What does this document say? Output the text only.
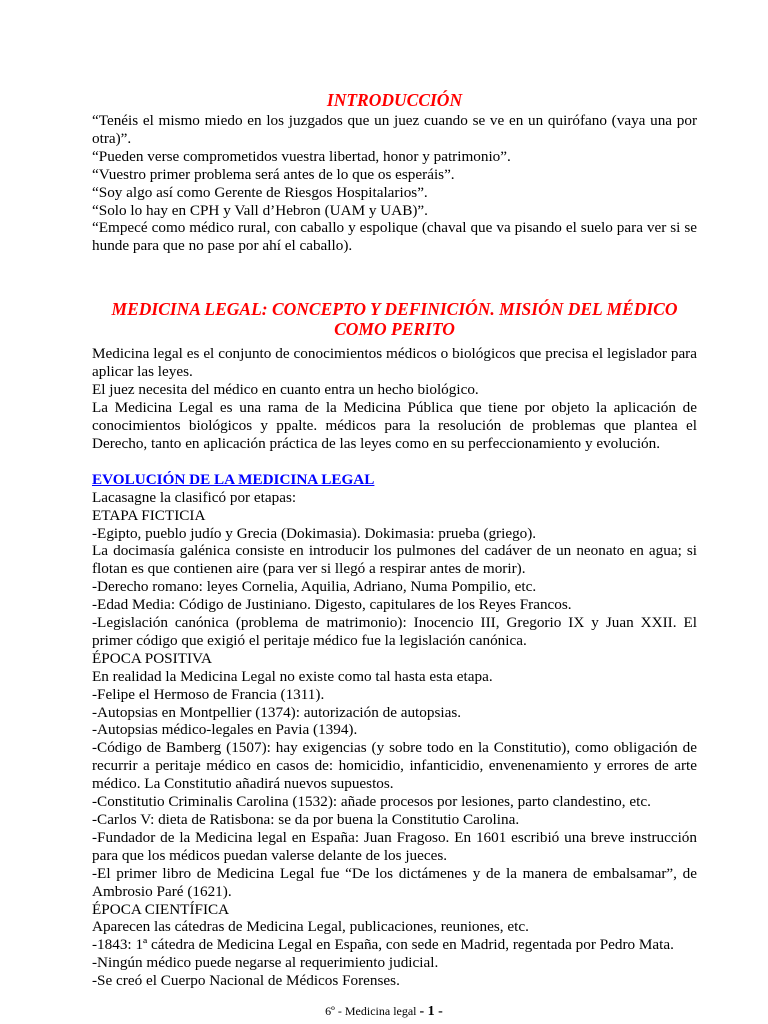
INTRODUCCIÓN

“Tenéis el mismo miedo en los juzgados que un juez cuando se ve en un quirófano (vaya una por otra)”.

“Pueden verse comprometidos vuestra libertad, honor y patrimonio”.

“Vuestro primer problema será antes de lo que os esperáis”.

“Soy algo así como Gerente de Riesgos Hospitalarios”.

“Solo lo hay en CPH y Vall d’Hebron (UAM y UAB)”.

“Empecé como médico rural, con caballo y espolique (chaval que va pisando el suelo para ver si se hunde para que no pase por ahí el caballo).

MEDICINA LEGAL: CONCEPTO Y DEFINICIÓN. MISIÓN DEL MÉDICO COMO PERITO

Medicina legal es el conjunto de conocimientos médicos o biológicos que precisa el legislador para aplicar las leyes.

El juez necesita del médico en cuanto entra un hecho biológico.

La Medicina Legal es una rama de la Medicina Pública que tiene por objeto la aplicación de conocimientos biológicos y ppalte. médicos para la resolución de problemas que plantea el Derecho, tanto en aplicación práctica de las leyes como en su perfeccionamiento y evolución.

EVOLUCIÓN DE LA MEDICINA LEGAL

Lacasagne la clasificó por etapas:

ETAPA FICTICIA

-Egipto, pueblo judío y Grecia (Dokimasia). Dokimasia: prueba (griego).

La docimasía galénica consiste en introducir los pulmones del cadáver de un neonato en agua; si flotan es que contienen aire (para ver si llegó a respirar antes de morir).

-Derecho romano: leyes Cornelia, Aquilia, Adriano, Numa Pompilio, etc.

-Edad Media: Código de Justiniano. Digesto, capitulares de los Reyes Francos.

-Legislación canónica (problema de matrimonio): Inocencio III, Gregorio IX y Juan XXII. El primer código que exigió el peritaje médico fue la legislación canónica.

ÉPOCA POSITIVA

En realidad la Medicina Legal no existe como tal hasta esta etapa.

-Felipe el Hermoso de Francia (1311).

-Autopsias en Montpellier (1374): autorización de autopsias.

-Autopsias médico-legales en Pavia (1394).

-Código de Bamberg (1507): hay exigencias (y sobre todo en la Constitutio), como obligación de recurrir a peritaje médico en casos de: homicidio, infanticidio, envenenamiento y errores de arte médico. La Constitutio añadirá nuevos supuestos.

-Constitutio Criminalis Carolina (1532): añade procesos por lesiones, parto clandestino, etc.

-Carlos V: dieta de Ratisbona: se da por buena la Constitutio Carolina.

-Fundador de la Medicina legal en España: Juan Fragoso. En 1601 escribió una breve instrucción para que los médicos puedan valerse delante de los jueces.

-El primer libro de Medicina Legal fue “De los dictámenes y de la manera de embalsamar”, de Ambrosio Paré (1621).

ÉPOCA CIENTÍFICA

Aparecen las cátedras de Medicina Legal, publicaciones, reuniones, etc.

-1843: 1ª cátedra de Medicina Legal en España, con sede en Madrid, regentada por Pedro Mata.

-Ningún médico puede negarse al requerimiento judicial.

-Se creó el Cuerpo Nacional de Médicos Forenses.

6º - Medicina legal - 1 -
